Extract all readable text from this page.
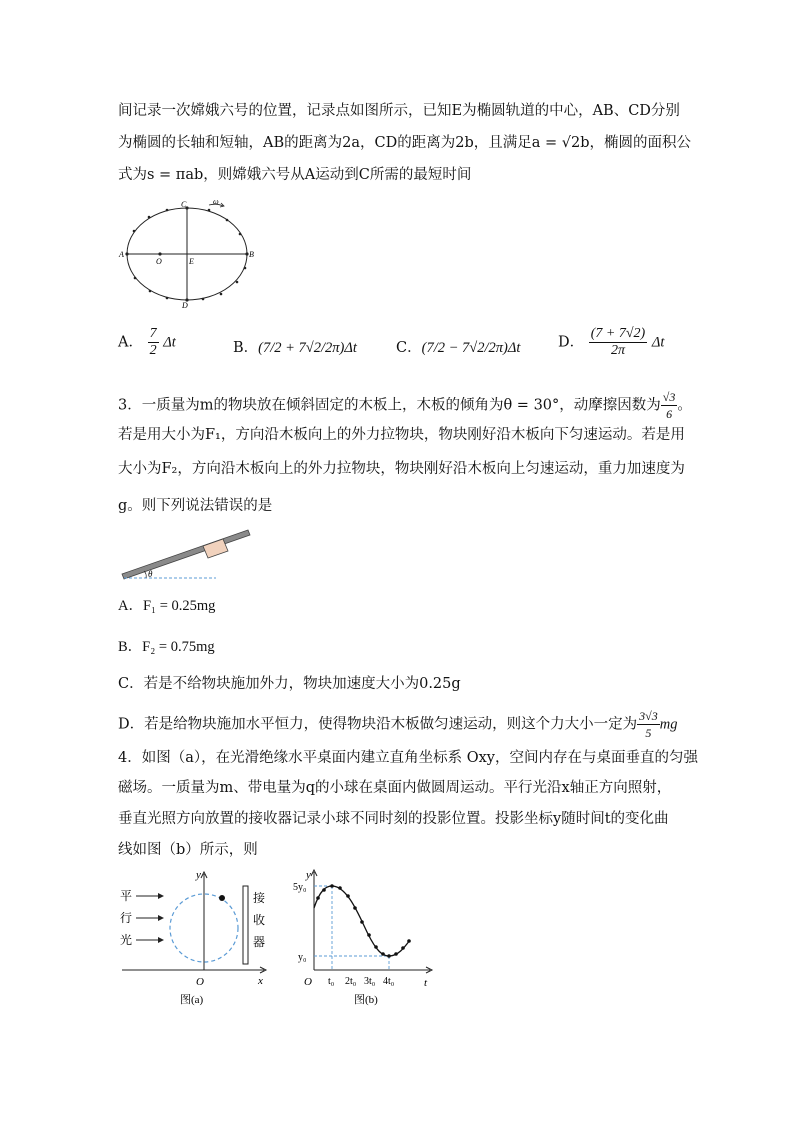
间记录一次嫦娥六号的位置，记录点如图所示，已知E为椭圆轨道的中心，AB、CD分别
为椭圆的长轴和短轴，AB的距离为2a，CD的距离为2b，且满足a = √2b，椭圆的面积公
式为s = πab，则嫦娥六号从A运动到C所需的最短时间
A	B
C
D
E
O
ω
A． $\frac{7}{2}$ Δt	B．(7/2 + 7√2/2π)Δt	C．(7/2 − 7√2/2π)Δt	D． $\frac{(7 + 7√2)}{2\pi}$ Δt
3．一质量为m的物块放在倾斜固定的木板上，木板的倾角为θ = 30°，动摩擦因数为 $\frac{√3}{6}$ 。
若是用大小为F₁，方向沿木板向上的外力拉物块，物块刚好沿木板向下匀速运动。若是用
大小为F₂，方向沿木板向上的外力拉物块，物块刚好沿木板向上匀速运动，重力加速度为
g。则下列说法错误的是
θ
A．F₁ = 0.25mg
B．F₂ = 0.75mg
C．若是不给物块施加外力，物块加速度大小为0.25g
D．若是给物块施加水平恒力，使得物块沿木板做匀速运动，则这个力大小一定为 $\frac{3√3}{5}$ mg
4．如图（a），在光滑绝缘水平桌面内建立直角坐标系 Oxy，空间内存在与桌面垂直的匀强
磁场。一质量为m、带电量为q的小球在桌面内做圆周运动。平行光沿x轴正方向照射，
垂直光照方向放置的接收器记录小球不同时刻的投影位置。投影坐标y随时间t的变化曲
线如图（b）所示，则
平
行
光
接
收
器
y
x
O
图(a)
y
t
O
5y₀
y₀
t₀ 2t₀ 3t₀ 4t₀
图(b)
